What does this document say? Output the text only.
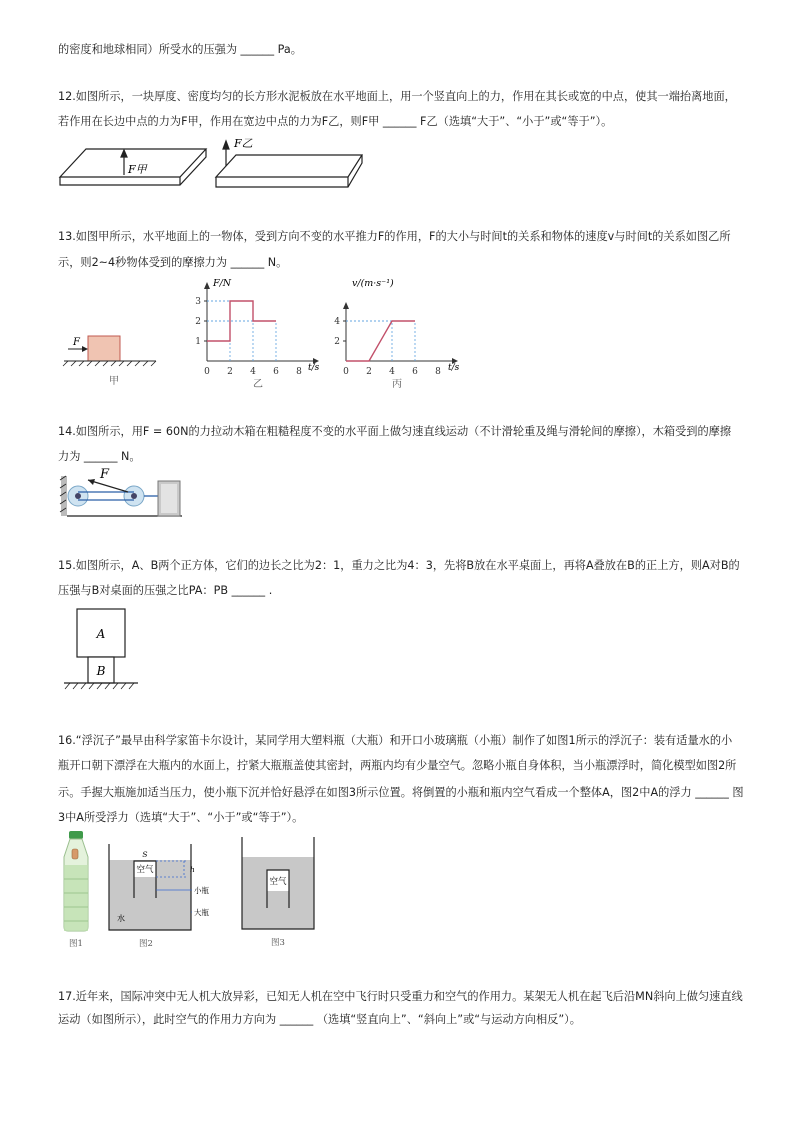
的密度和地球相同）所受水的压强为 ______ Pa。
12.如图所示，一块厚度、密度均匀的长方形水泥板放在水平地面上，用一个竖直向上的力，作用在其长或宽的中点，使其一端抬离地面，
若作用在长边中点的力为F甲，作用在宽边中点的力为F乙，则F甲 ______ F乙（选填“大于”、“小于”或“等于”）。
F甲
F乙
13.如图甲所示，水平地面上的一物体，受到方向不变的水平推力F的作用，F的大小与时间t的关系和物体的速度v与时间t的关系如图乙所
示，则2~4秒物体受到的摩擦力为 ______ N。
F
甲
0 2 4 6 8
1
2
3
F/N
t/s
乙
0 2 4 6 8
2
4
v/(m·s⁻¹)
t/s
丙
14.如图所示，用F = 60N的力拉动木箱在粗糙程度不变的水平面上做匀速直线运动（不计滑轮重及绳与滑轮间的摩擦），木箱受到的摩擦
力为 ______ N。
F
15.如图所示，A、B两个正方体，它们的边长之比为2：1，重力之比为4：3，先将B放在水平桌面上，再将A叠放在B的正上方，则A对B的
压强与B对桌面的压强之比PA：PB ______ .
A
B
16.“浮沉子”最早由科学家笛卡尔设计，某同学用大塑料瓶（大瓶）和开口小玻璃瓶（小瓶）制作了如图1所示的浮沉子：装有适量水的小
瓶开口朝下漂浮在大瓶内的水面上，拧紧大瓶瓶盖使其密封，两瓶内均有少量空气。忽略小瓶自身体积，当小瓶漂浮时，简化模型如图2所
示。手握大瓶施加适当压力，使小瓶下沉并恰好悬浮在如图3所示位置。将倒置的小瓶和瓶内空气看成一个整体A，图2中A的浮力 ______ 图
3中A所受浮力（选填“大于”、“小于”或“等于”）。
图1
空气
S
h
小瓶
大瓶
水
图2
空气
图3
17.近年来，国际冲突中无人机大放异彩，已知无人机在空中飞行时只受重力和空气的作用力。某架无人机在起飞后沿MN斜向上做匀速直线
运动（如图所示），此时空气的作用力方向为 ______ （选填“竖直向上”、“斜向上”或“与运动方向相反”）。
